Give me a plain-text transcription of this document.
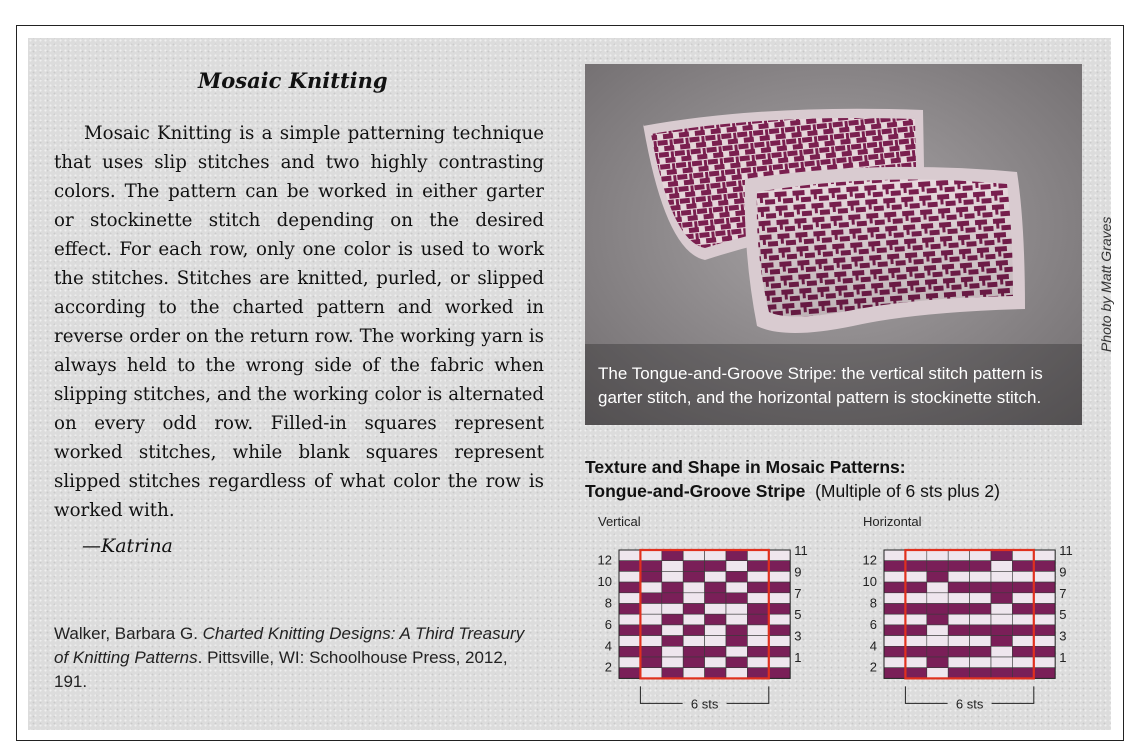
Mosaic Knitting

Mosaic Knitting is a simple patterning technique that uses slip stitches and two highly contrasting colors. The pattern can be worked in either garter or stockinette stitch depending on the desired effect. For each row, only one color is used to work the stitches. Stitches are knitted, purled, or slipped according to the charted pattern and worked in reverse order on the return row. The working yarn is always held to the wrong side of the fabric when slipping stitches, and the working color is alternated on every odd row. Filled-in squares represent worked stitches, while blank squares represent slipped stitches regardless of what color the row is worked with.

—Katrina
Walker, Barbara G. Charted Knitting Designs: A Third Treasury of Knitting Patterns. Pittsville, WI: Schoolhouse Press, 2012, 191.
The Tongue-and-Groove Stripe: the vertical stitch pattern is garter stitch, and the horizontal pattern is stockinette stitch.
Photo by Matt Graves
Texture and Shape in Mosaic Patterns:
Tongue-and-Groove Stripe (Multiple of 6 sts plus 2)
Vertical	Horizontal
12
10
8
6
4
2
11
9
7
5
3
1
6 sts
12
10
8
6
4
2
11
9
7
5
3
1
6 sts
